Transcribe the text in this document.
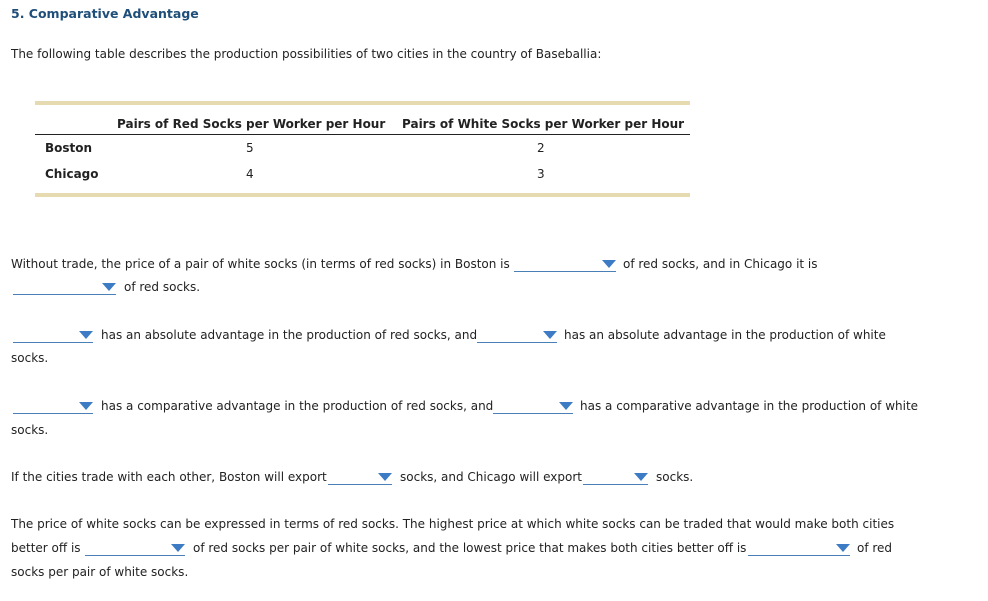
5. Comparative Advantage
The following table describes the production possibilities of two cities in the country of Baseballia:
Pairs of Red Socks per Worker per Hour Pairs of White Socks per Worker per Hour
Boston	5	2
Chicago	4	3
Without trade, the price of a pair of white socks (in terms of red socks) in Boston is	of red socks, and in Chicago it is
of red socks.
has an absolute advantage in the production of red socks, and	has an absolute advantage in the production of white
socks.
has a comparative advantage in the production of red socks, and	has a comparative advantage in the production of white
socks.
If the cities trade with each other, Boston will export	socks, and Chicago will export	socks.
The price of white socks can be expressed in terms of red socks. The highest price at which white socks can be traded that would make both cities
better off is	of red socks per pair of white socks, and the lowest price that makes both cities better off is	of red
socks per pair of white socks.
